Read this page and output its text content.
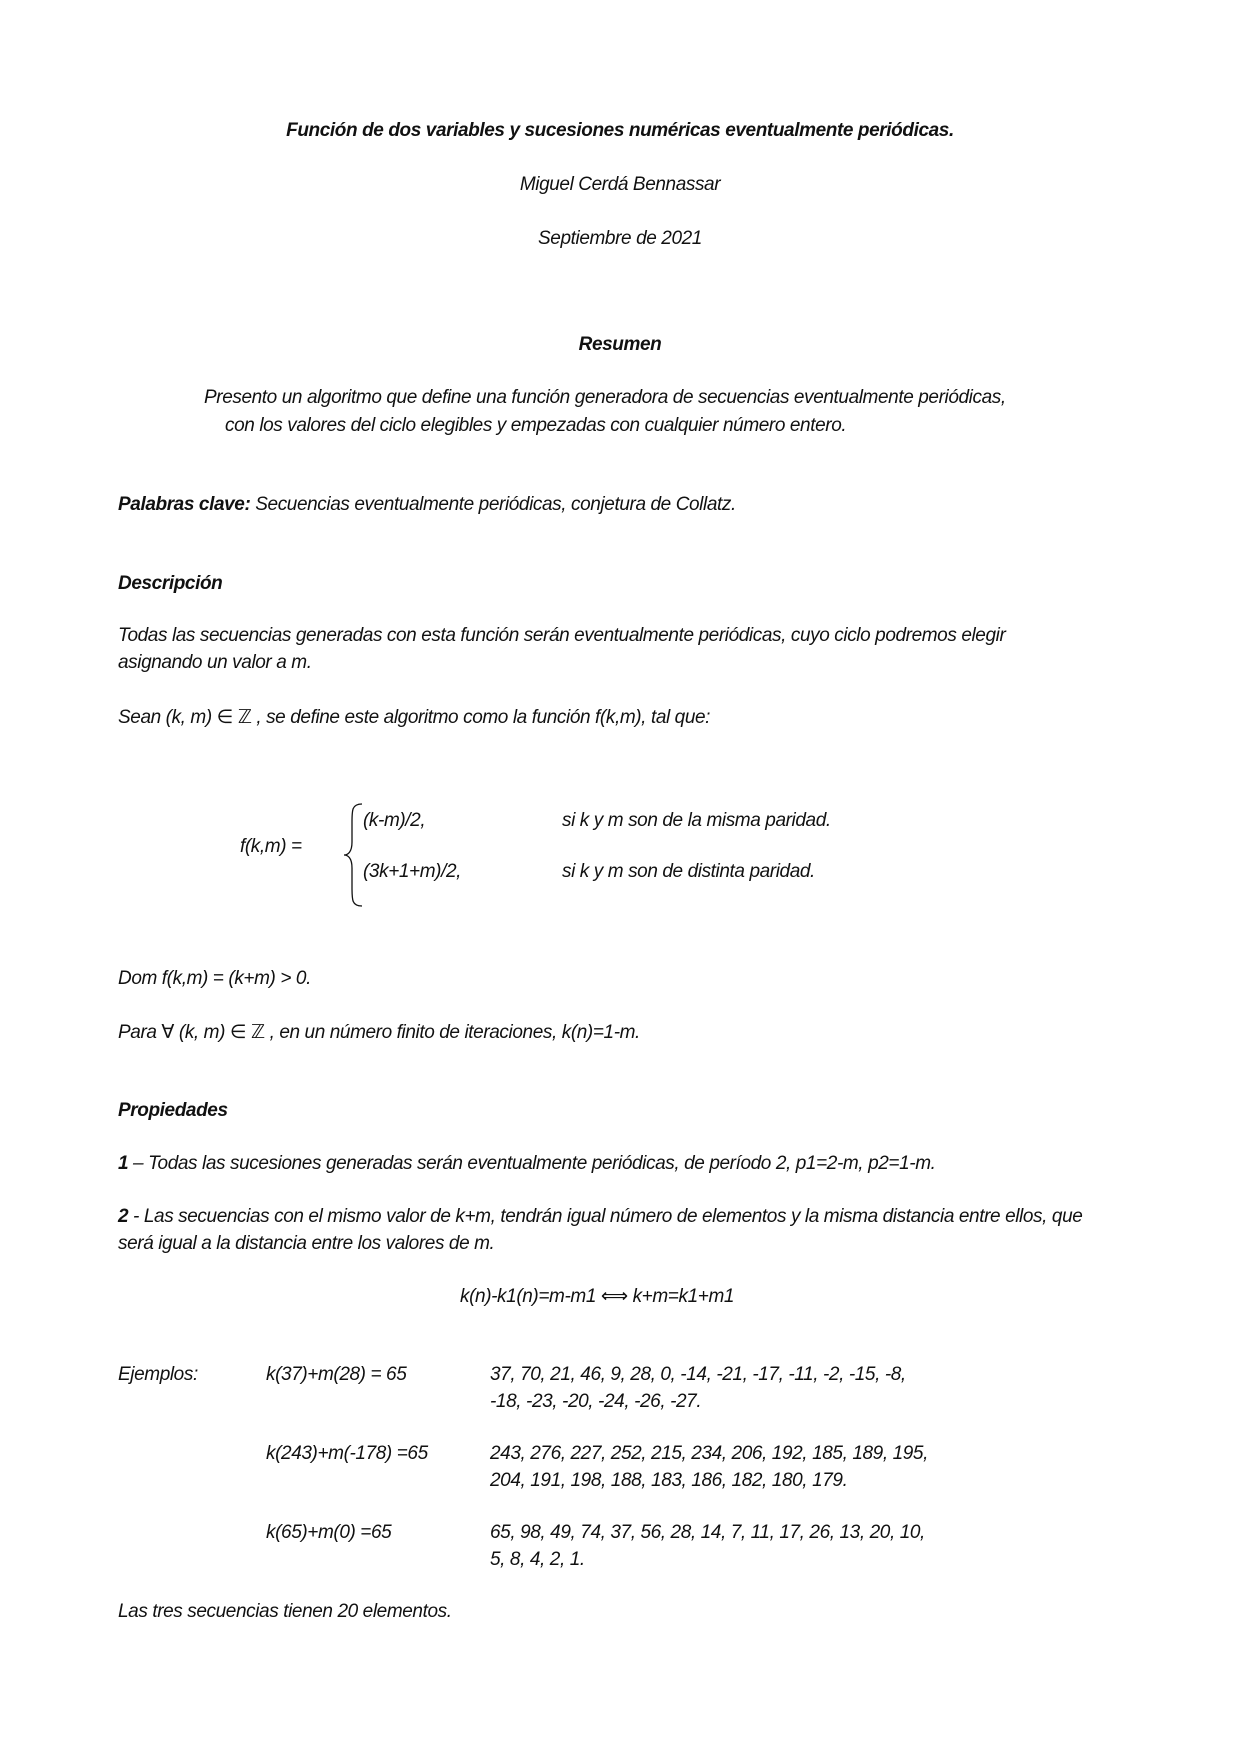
Función de dos variables y sucesiones numéricas eventualmente periódicas.
Miguel Cerdá Bennassar
Septiembre de 2021
Resumen
Presento un algoritmo que define una función generadora de secuencias eventualmente periódicas,
con los valores del ciclo elegibles y empezadas con cualquier número entero.
Palabras clave: Secuencias eventualmente periódicas, conjetura de Collatz.
Descripción
Todas las secuencias generadas con esta función serán eventualmente periódicas, cuyo ciclo podremos elegir
asignando un valor a m.
Sean (k, m) ∈ ℤ , se define este algoritmo como la función f(k,m), tal que:
f(k,m) =
(k-m)/2,	si k y m son de la misma paridad.
(3k+1+m)/2,	si k y m son de distinta paridad.
Dom f(k,m) = (k+m) > 0.
Para ∀ (k, m) ∈ ℤ , en un número finito de iteraciones, k(n)=1-m.
Propiedades
1 – Todas las sucesiones generadas serán eventualmente periódicas, de período 2, p1=2-m, p2=1-m.
2 - Las secuencias con el mismo valor de k+m, tendrán igual número de elementos y la misma distancia entre ellos, que
será igual a la distancia entre los valores de m.
k(n)-k1(n)=m-m1 ⟺ k+m=k1+m1
Ejemplos:	k(37)+m(28) = 65	37, 70, 21, 46, 9, 28, 0, -14, -21, -17, -11, -2, -15, -8,
-18, -23, -20, -24, -26, -27.
k(243)+m(-178) =65	243, 276, 227, 252, 215, 234, 206, 192, 185, 189, 195,
204, 191, 198, 188, 183, 186, 182, 180, 179.
k(65)+m(0) =65	65, 98, 49, 74, 37, 56, 28, 14, 7, 11, 17, 26, 13, 20, 10,
5, 8, 4, 2, 1.
Las tres secuencias tienen 20 elementos.
